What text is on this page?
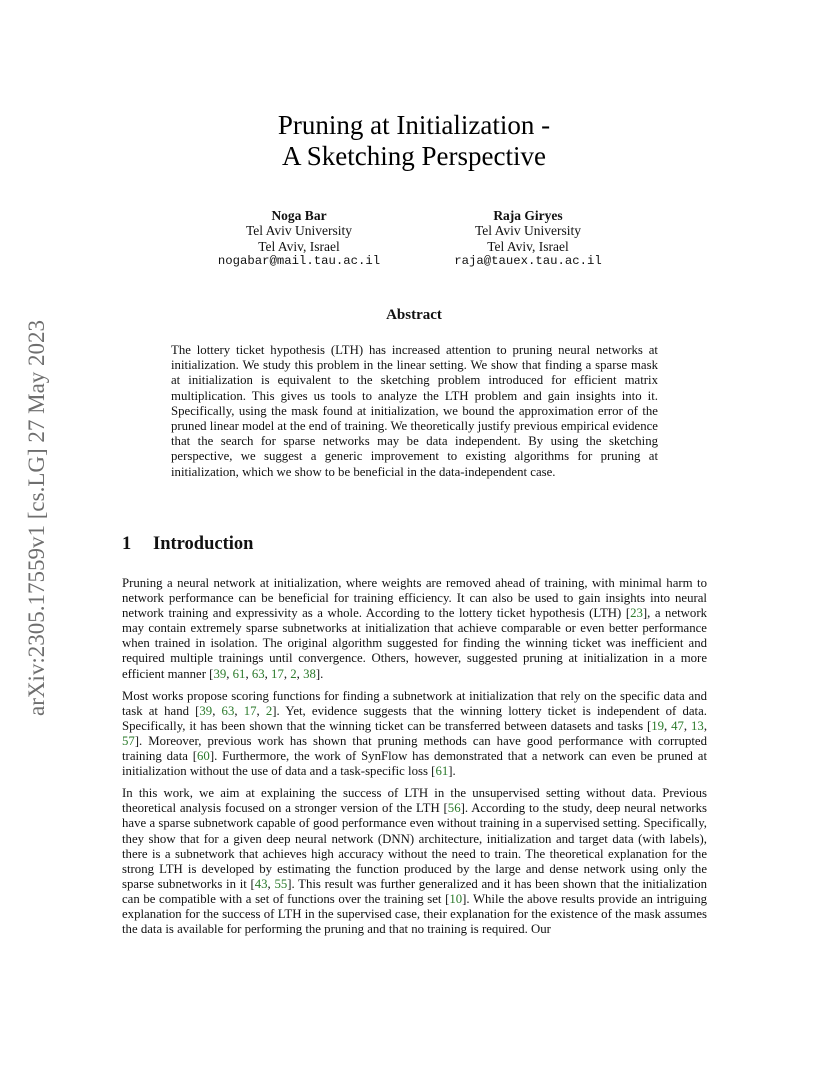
arXiv:2305.17559v1 [cs.LG] 27 May 2023
Pruning at Initialization -
A Sketching Perspective
Noga Bar
Tel Aviv University
Tel Aviv, Israel
nogabar@mail.tau.ac.il
Raja Giryes
Tel Aviv University
Tel Aviv, Israel
raja@tauex.tau.ac.il
Abstract
The lottery ticket hypothesis (LTH) has increased attention to pruning neural networks at initialization. We study this problem in the linear setting. We show that finding a sparse mask at initialization is equivalent to the sketching problem introduced for efficient matrix multiplication. This gives us tools to analyze the LTH problem and gain insights into it. Specifically, using the mask found at initialization, we bound the approximation error of the pruned linear model at the end of training. We theoretically justify previous empirical evidence that the search for sparse networks may be data independent. By using the sketching perspective, we suggest a generic improvement to existing algorithms for pruning at initialization, which we show to be beneficial in the data-independent case.
1 Introduction

Pruning a neural network at initialization, where weights are removed ahead of training, with minimal harm to network performance can be beneficial for training efficiency. It can also be used to gain insights into neural network training and expressivity as a whole. According to the lottery ticket hypothesis (LTH) [23], a network may contain extremely sparse subnetworks at initialization that achieve comparable or even better performance when trained in isolation. The original algorithm suggested for finding the winning ticket was inefficient and required multiple trainings until convergence. Others, however, suggested pruning at initialization in a more efficient manner [39, 61, 63, 17, 2, 38].

Most works propose scoring functions for finding a subnetwork at initialization that rely on the specific data and task at hand [39, 63, 17, 2]. Yet, evidence suggests that the winning lottery ticket is independent of data. Specifically, it has been shown that the winning ticket can be transferred between datasets and tasks [19, 47, 13, 57]. Moreover, previous work has shown that pruning methods can have good performance with corrupted training data [60]. Furthermore, the work of SynFlow has demonstrated that a network can even be pruned at initialization without the use of data and a task-specific loss [61].

In this work, we aim at explaining the success of LTH in the unsupervised setting without data. Previous theoretical analysis focused on a stronger version of the LTH [56]. According to the study, deep neural networks have a sparse subnetwork capable of good performance even without training in a supervised setting. Specifically, they show that for a given deep neural network (DNN) architecture, initialization and target data (with labels), there is a subnetwork that achieves high accuracy without the need to train. The theoretical explanation for the strong LTH is developed by estimating the function produced by the large and dense network using only the sparse subnetworks in it [43, 55]. This result was further generalized and it has been shown that the initialization can be compatible with a set of functions over the training set [10]. While the above results provide an intriguing explanation for the success of LTH in the supervised case, their explanation for the existence of the mask assumes the data is available for performing the pruning and that no training is required. Our
